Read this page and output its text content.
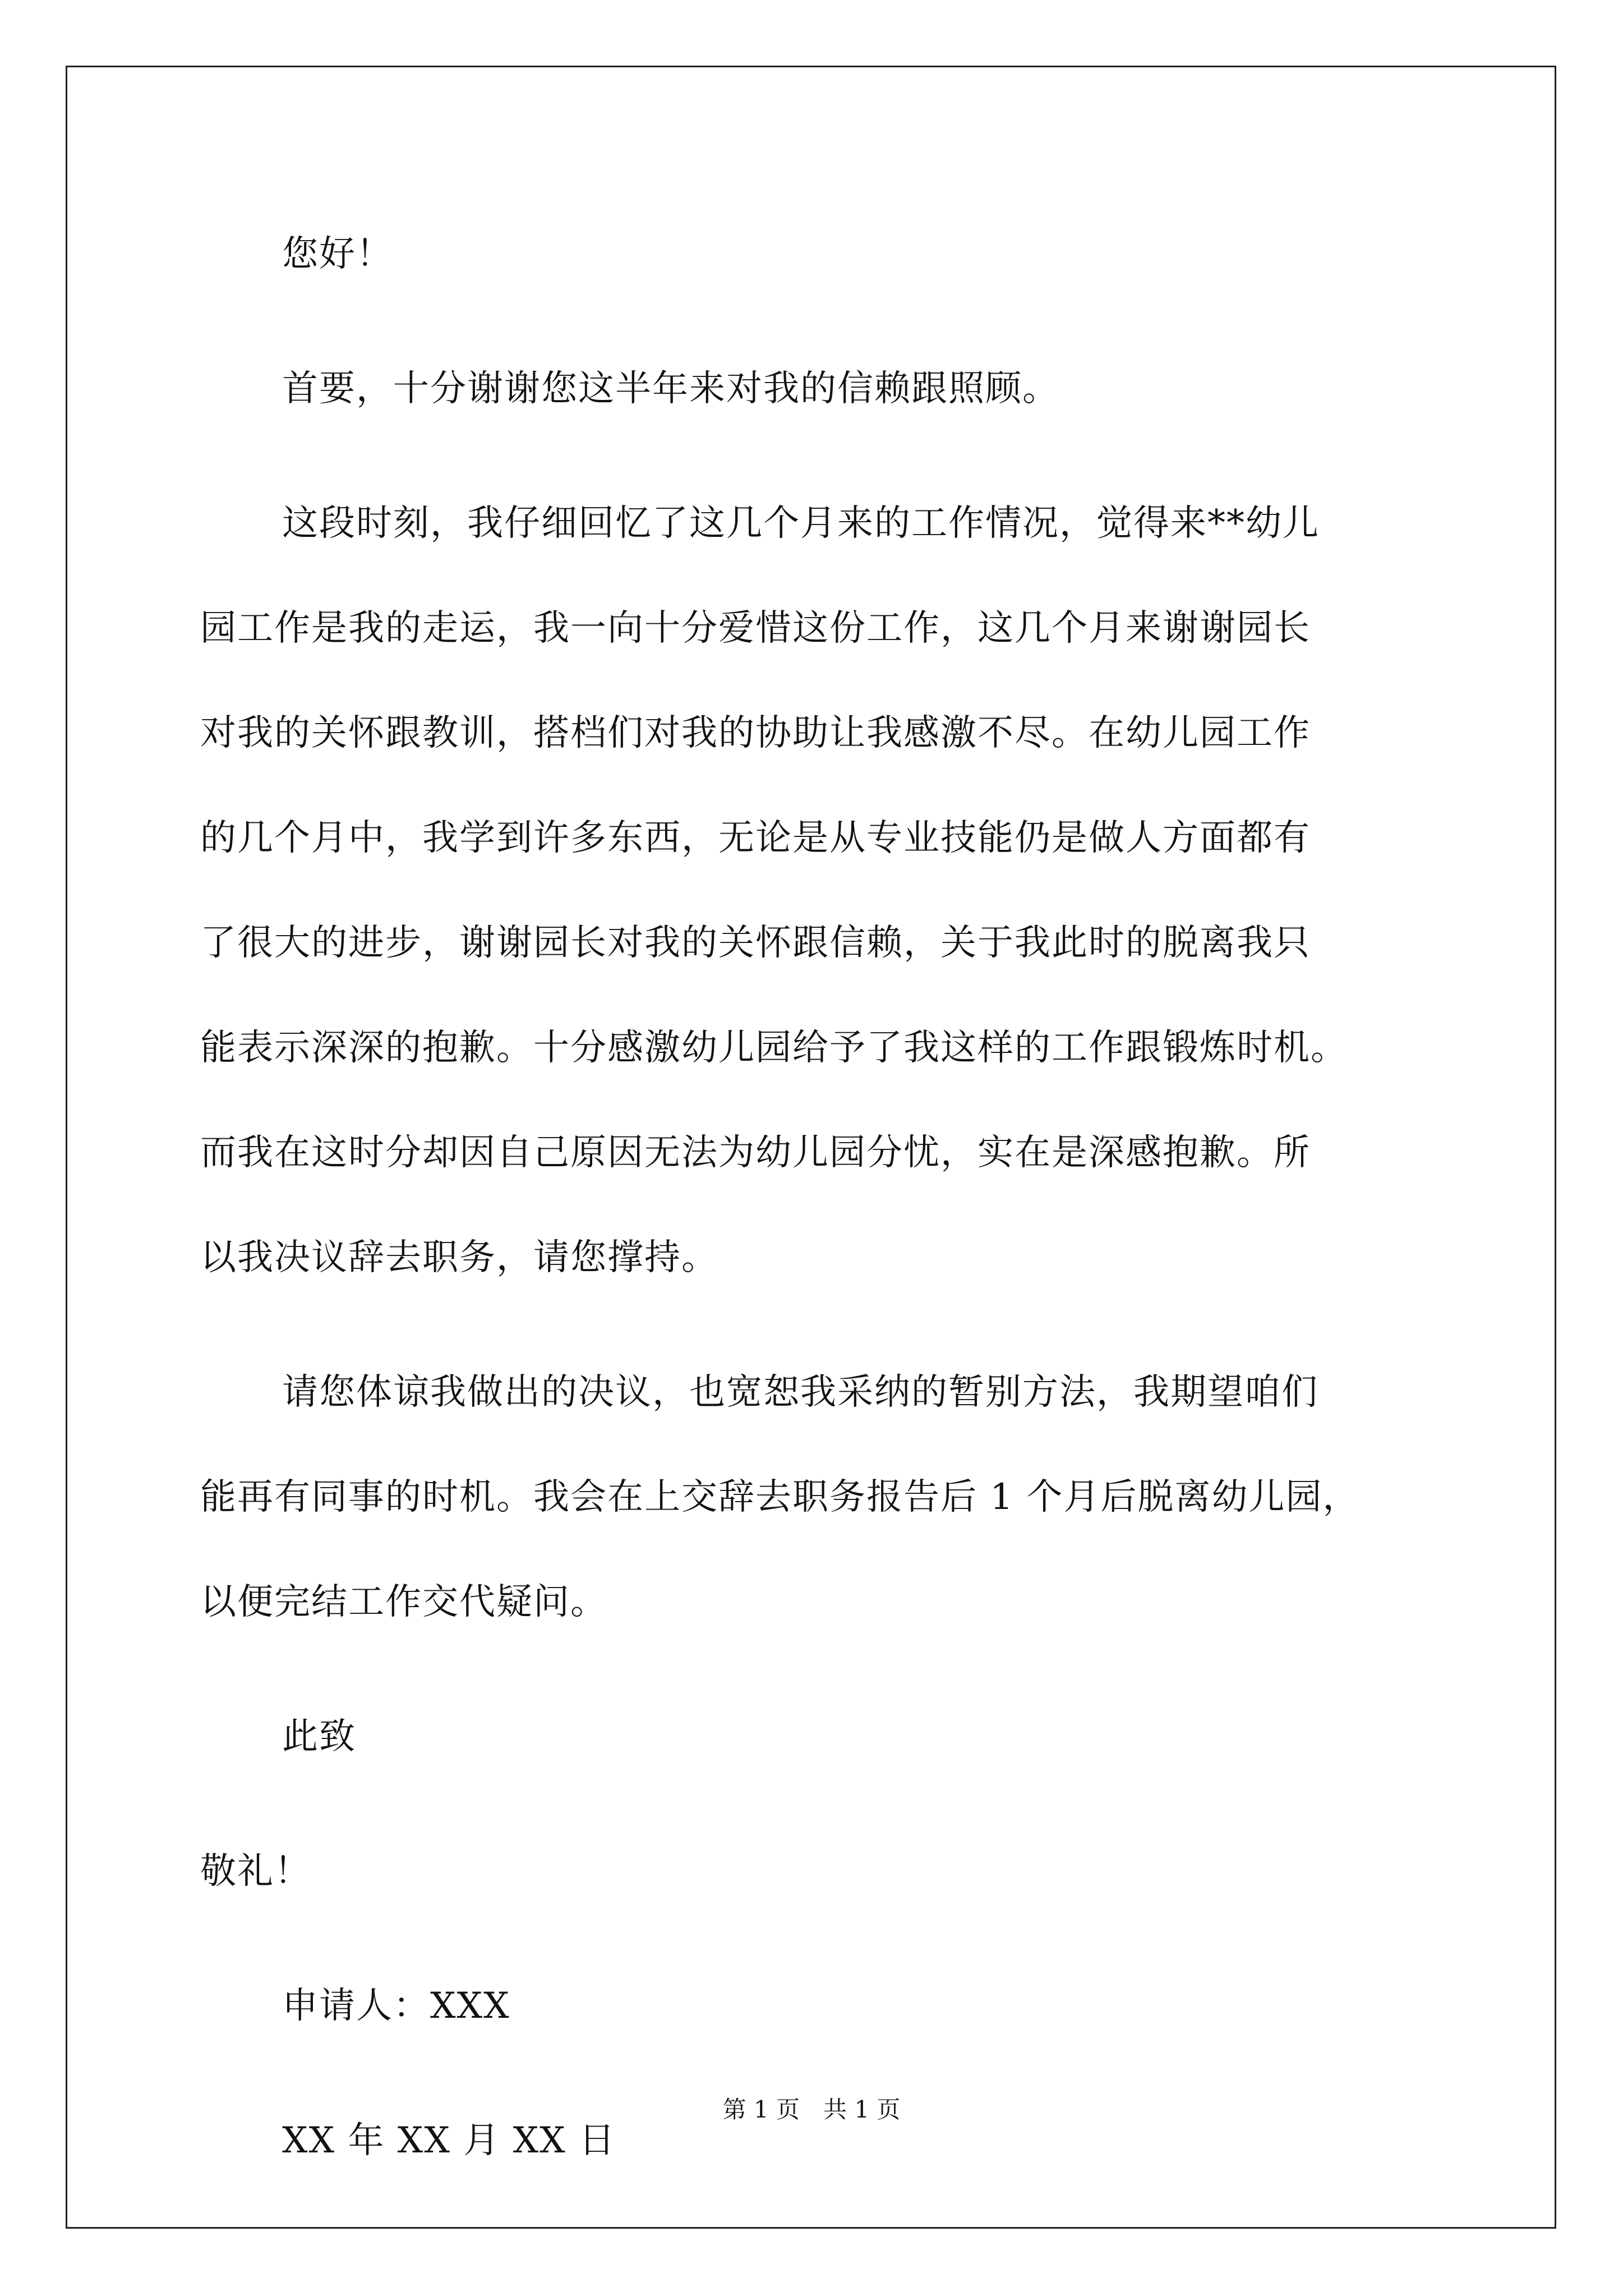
您好！
首要，十分谢谢您这半年来对我的信赖跟照顾。

这段时刻，我仔细回忆了这几个月来的工作情况，觉得来**幼儿

园工作是我的走运，我一向十分爱惜这份工作，这几个月来谢谢园长

对我的关怀跟教训，搭档们对我的协助让我感激不尽。在幼儿园工作

的几个月中，我学到许多东西，无论是从专业技能仍是做人方面都有

了很大的进步，谢谢园长对我的关怀跟信赖，关于我此时的脱离我只

能表示深深的抱歉。十分感激幼儿园给予了我这样的工作跟锻炼时机。

而我在这时分却因自己原因无法为幼儿园分忧，实在是深感抱歉。所

以我决议辞去职务，请您撑持。

请您体谅我做出的决议，也宽恕我采纳的暂别方法，我期望咱们

能再有同事的时机。我会在上交辞去职务报告后 1 个月后脱离幼儿园，

以便完结工作交代疑问。

此致
敬礼！
申请人：XXX
XX 年 XX 月 XX 日
第 1 页　共 1 页
